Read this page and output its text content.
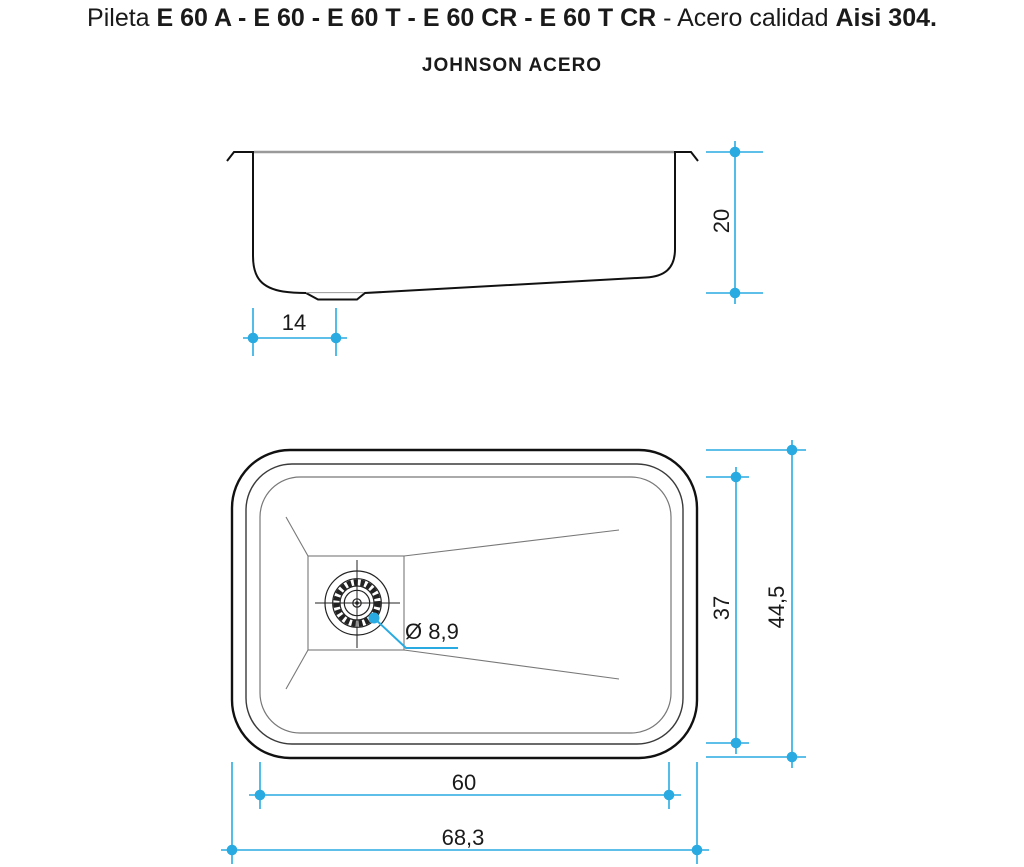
Pileta E 60 A - E 60 - E 60 T - E 60 CR - E 60 T CR - Acero calidad Aisi 304.
JOHNSON ACERO
20
14
37 44,5
60
68,3
Ø 8,9
